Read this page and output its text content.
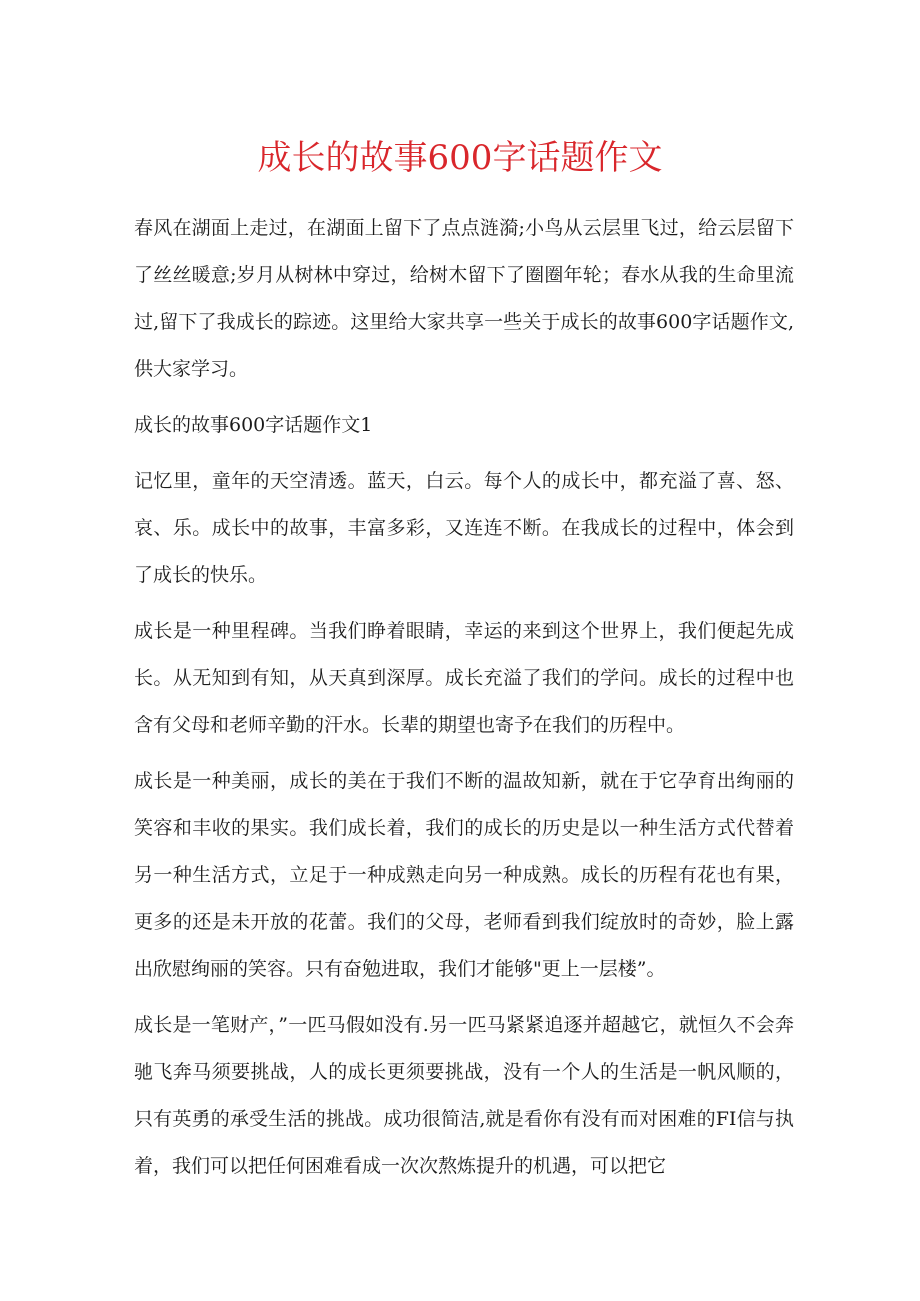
成长的故事600字话题作文

春风在湖面上走过，在湖面上留下了点点涟漪;小鸟从云层里飞过，给云层留下了丝丝暖意;岁月从树林中穿过，给树木留下了圈圈年轮；春水从我的生命里流过,留下了我成长的踪迹。这里给大家共享一些关于成长的故事600字话题作文,供大家学习。

成长的故事600字话题作文1

记忆里，童年的天空清透。蓝天，白云。每个人的成长中，都充溢了喜、怒、哀、乐。成长中的故事，丰富多彩，又连连不断。在我成长的过程中，体会到了成长的快乐。

成长是一种里程碑。当我们睁着眼睛，幸运的来到这个世界上，我们便起先成长。从无知到有知，从天真到深厚。成长充溢了我们的学问。成长的过程中也含有父母和老师辛勤的汗水。长辈的期望也寄予在我们的历程中。

成长是一种美丽，成长的美在于我们不断的温故知新，就在于它孕育出绚丽的笑容和丰收的果实。我们成长着，我们的成长的历史是以一种生活方式代替着另一种生活方式，立足于一种成熟走向另一种成熟。成长的历程有花也有果，更多的还是未开放的花蕾。我们的父母，老师看到我们绽放时的奇妙，脸上露出欣慰绚丽的笑容。只有奋勉进取，我们才能够"更上一层楼”。

成长是一笔财产，”一匹马假如没有.另一匹马紧紧追逐并超越它，就恒久不会奔驰飞奔马须要挑战，人的成长更须要挑战，没有一个人的生活是一帆风顺的，只有英勇的承受生活的挑战。成功很简洁,就是看你有没有而对困难的FI信与执着，我们可以把任何困难看成一次次熬炼提升的机遇，可以把它
